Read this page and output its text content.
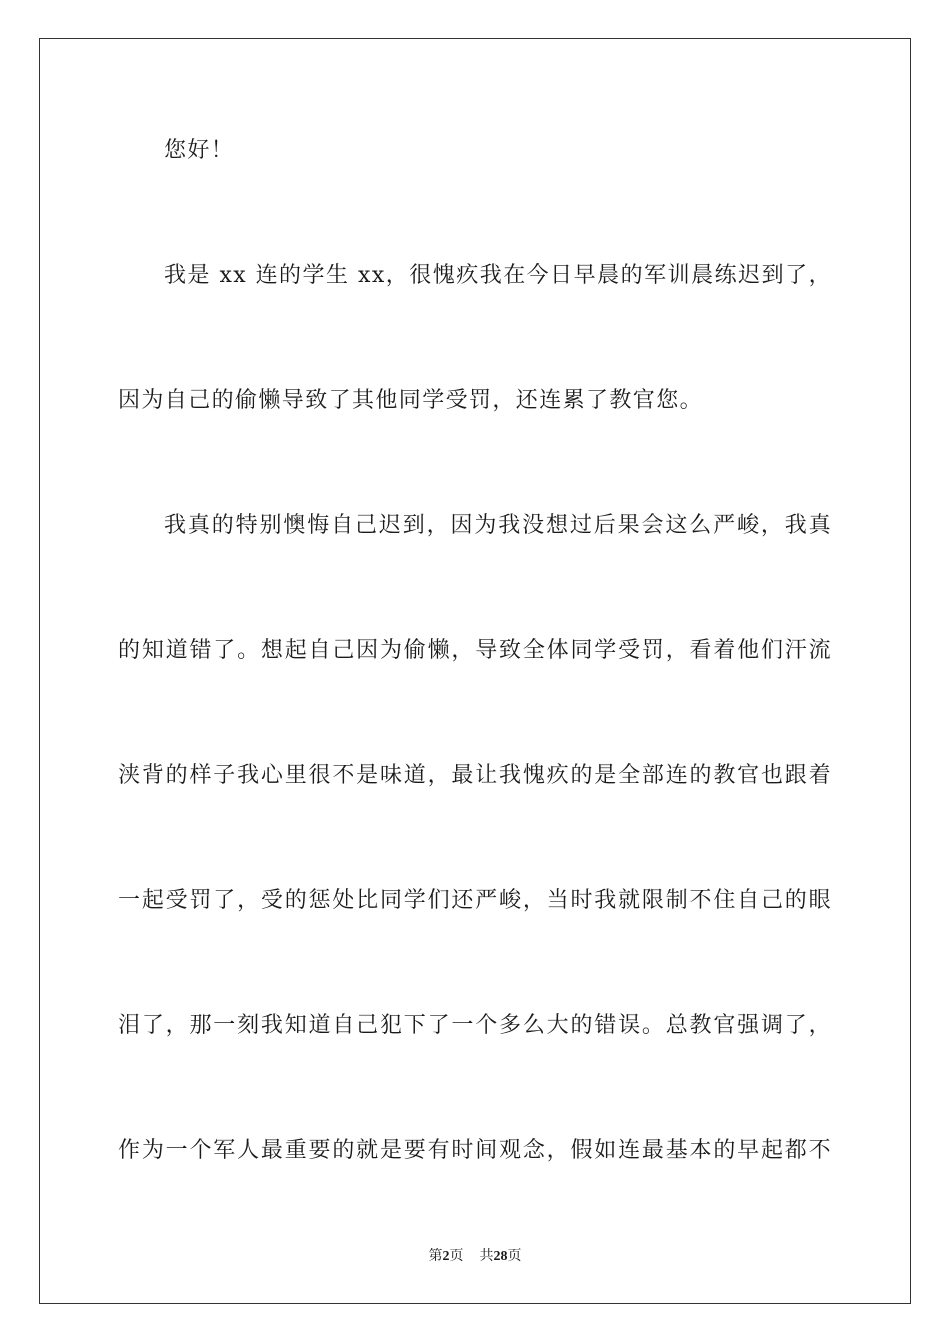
您好！
我是 xx 连的学生 xx，很愧疚我在今日早晨的军训晨练迟到了，
因为自己的偷懒导致了其他同学受罚，还连累了教官您。
我真的特别懊悔自己迟到，因为我没想过后果会这么严峻，我真
的知道错了。想起自己因为偷懒，导致全体同学受罚，看着他们汗流
浃背的样子我心里很不是味道，最让我愧疚的是全部连的教官也跟着
一起受罚了，受的惩处比同学们还严峻，当时我就限制不住自己的眼
泪了，那一刻我知道自己犯下了一个多么大的错误。总教官强调了，
作为一个军人最重要的就是要有时间观念，假如连最基本的早起都不
第2页 共28页
